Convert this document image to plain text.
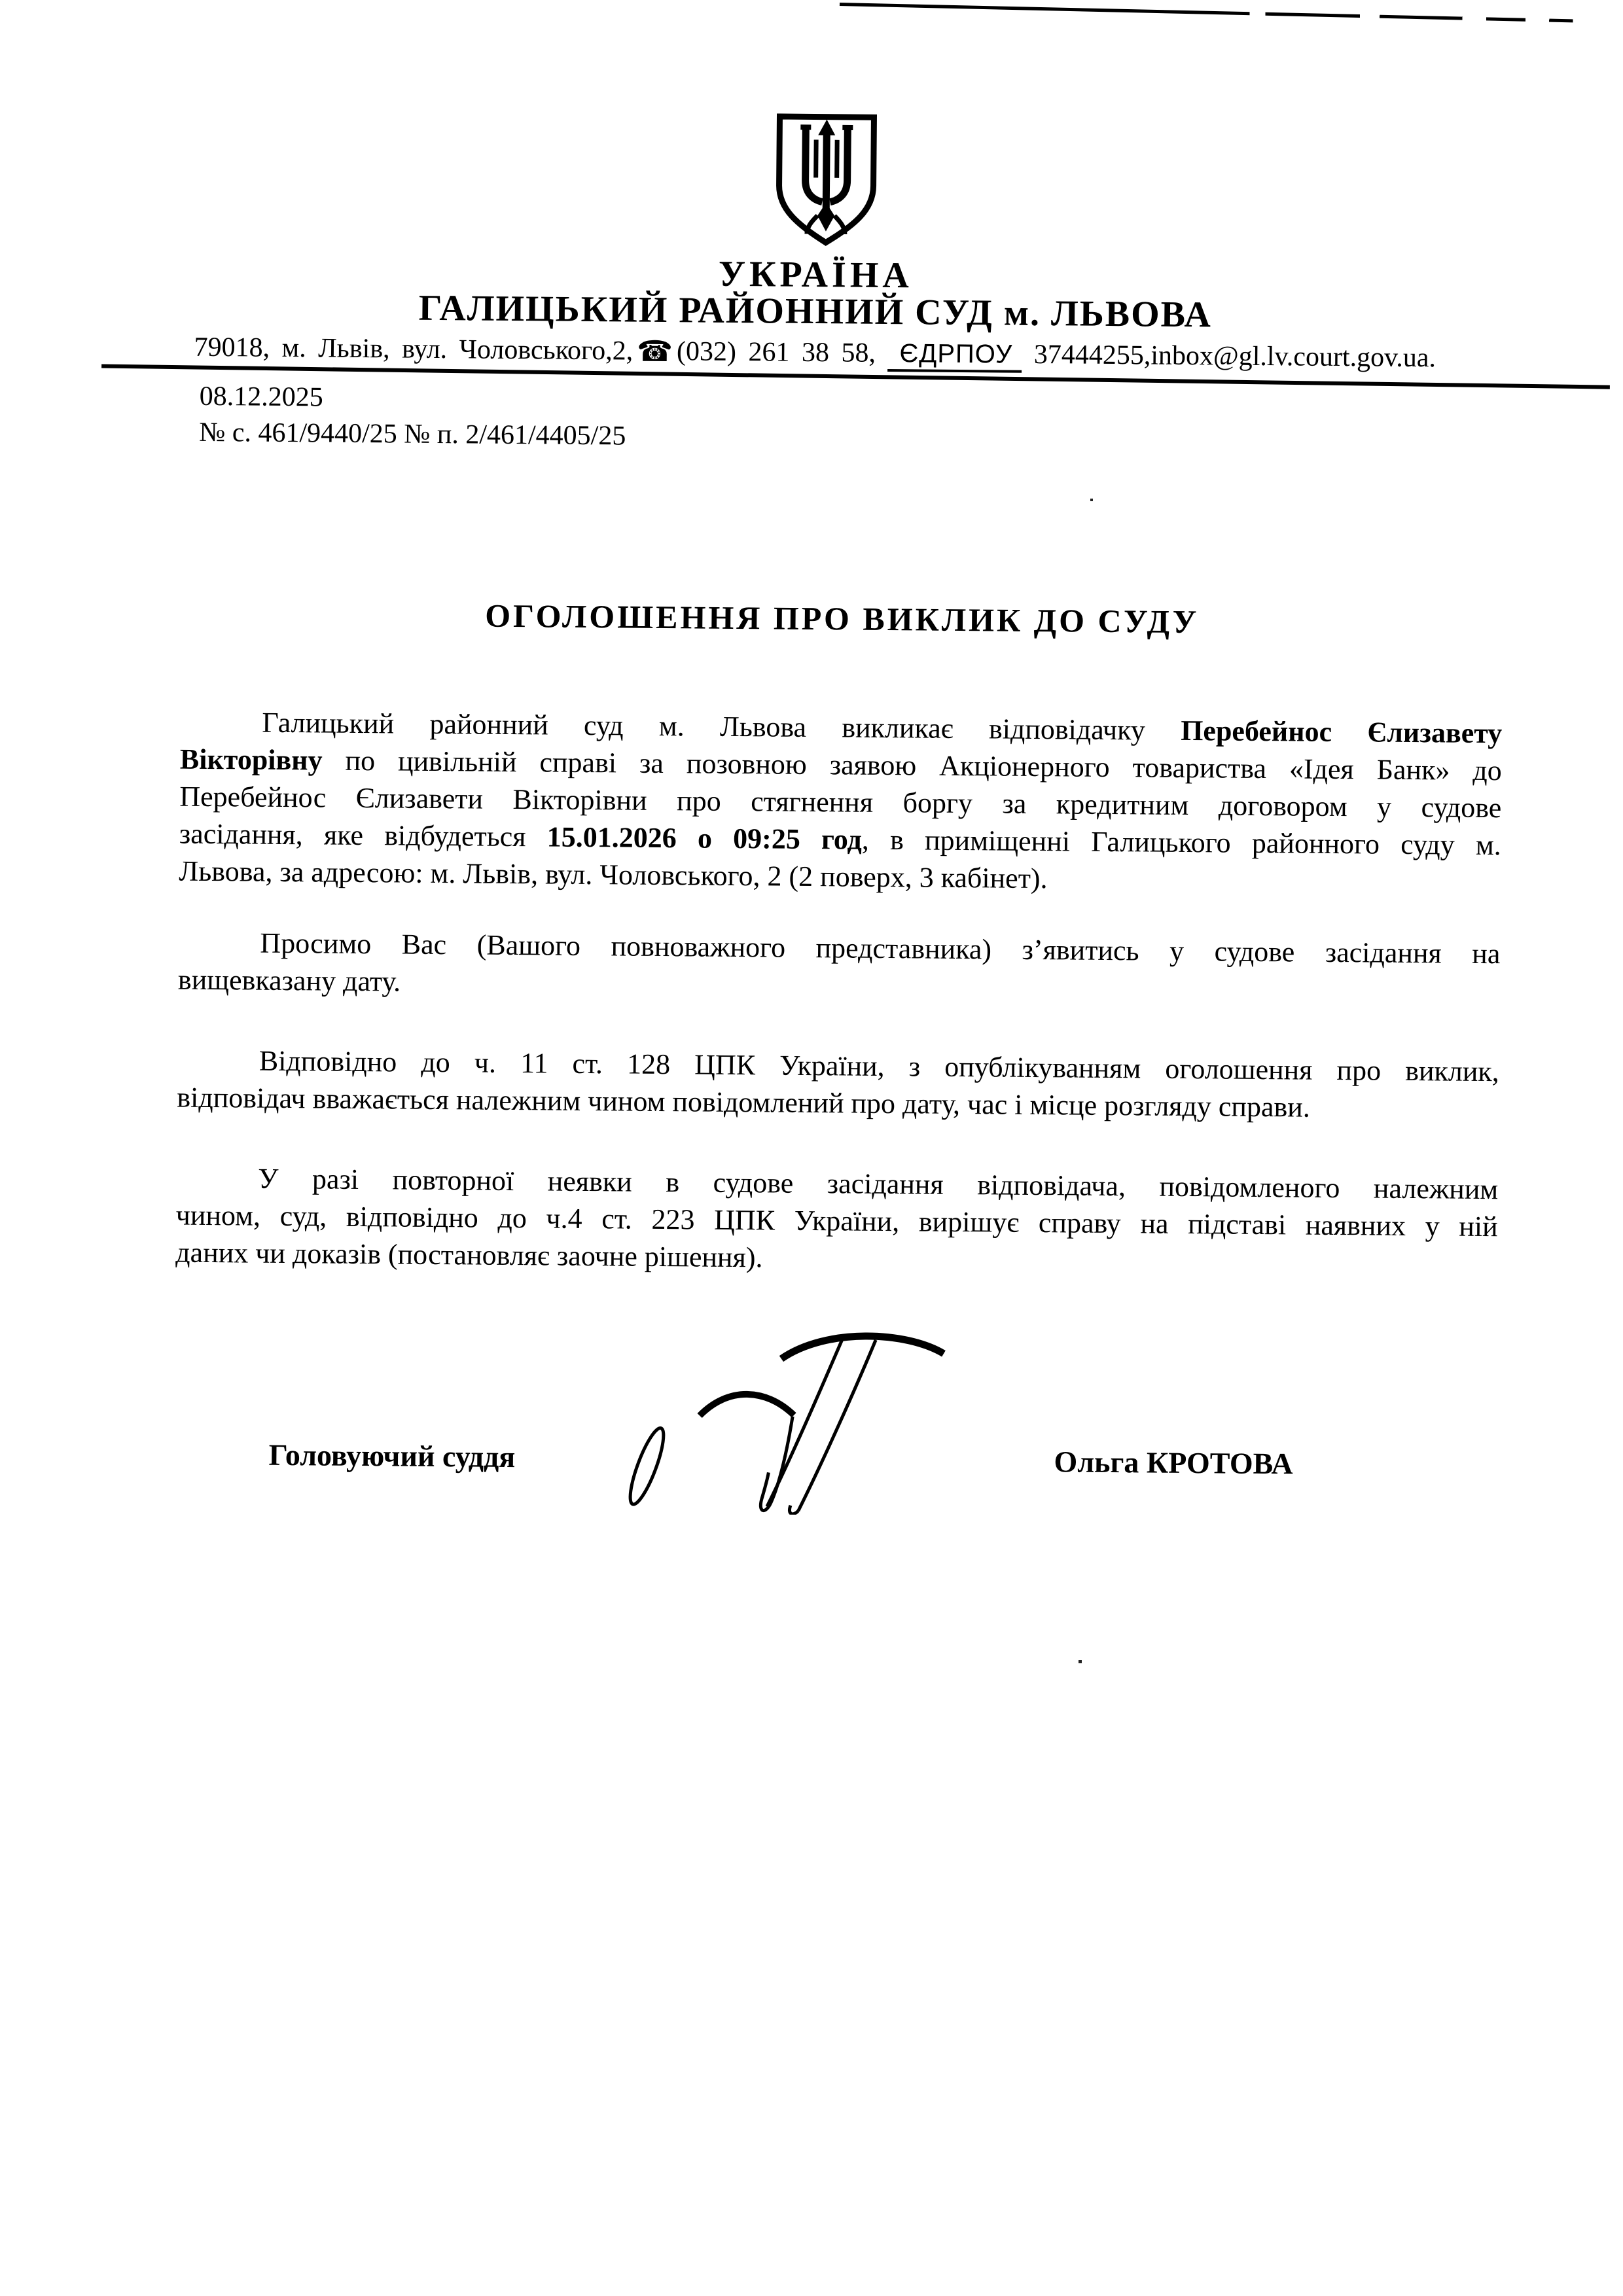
УКРАЇНА
ГАЛИЦЬКИЙ РАЙОННИЙ СУД м. ЛЬВОВА
79018, м. Львів, вул. Чоловського,2, ☎ (032) 261 38 58, ЄДРПОУ 37444255,inbox@gl.lv.court.gov.ua.
08.12.2025
№ с. 461/9440/25 № п. 2/461/4405/25
ОГОЛОШЕННЯ ПРО ВИКЛИК ДО СУДУ
Галицький районний суд м. Львова викликає відповідачку Перебейнос Єлизавету
Вікторівну по цивільній справі за позовною заявою Акціонерного товариства «Ідея Банк» до
Перебейнос Єлизавети Вікторівни про стягнення боргу за кредитним договором у судове
засідання, яке відбудеться 15.01.2026 о 09:25 год, в приміщенні Галицького районного суду м.
Львова, за адресою: м. Львів, вул. Чоловського, 2 (2 поверх, 3 кабінет).
Просимо Вас (Вашого повноважного представника) з’явитись у судове засідання на
вищевказану дату.
Відповідно до ч. 11 ст. 128 ЦПК України, з опублікуванням оголошення про виклик,
відповідач вважається належним чином повідомлений про дату, час і місце розгляду справи.
У разі повторної неявки в судове засідання відповідача, повідомленого належним
чином, суд, відповідно до ч.4 ст. 223 ЦПК України, вирішує справу на підставі наявних у ній
даних чи доказів (постановляє заочне рішення).
Головуючий суддя	Ольга КРОТОВА
